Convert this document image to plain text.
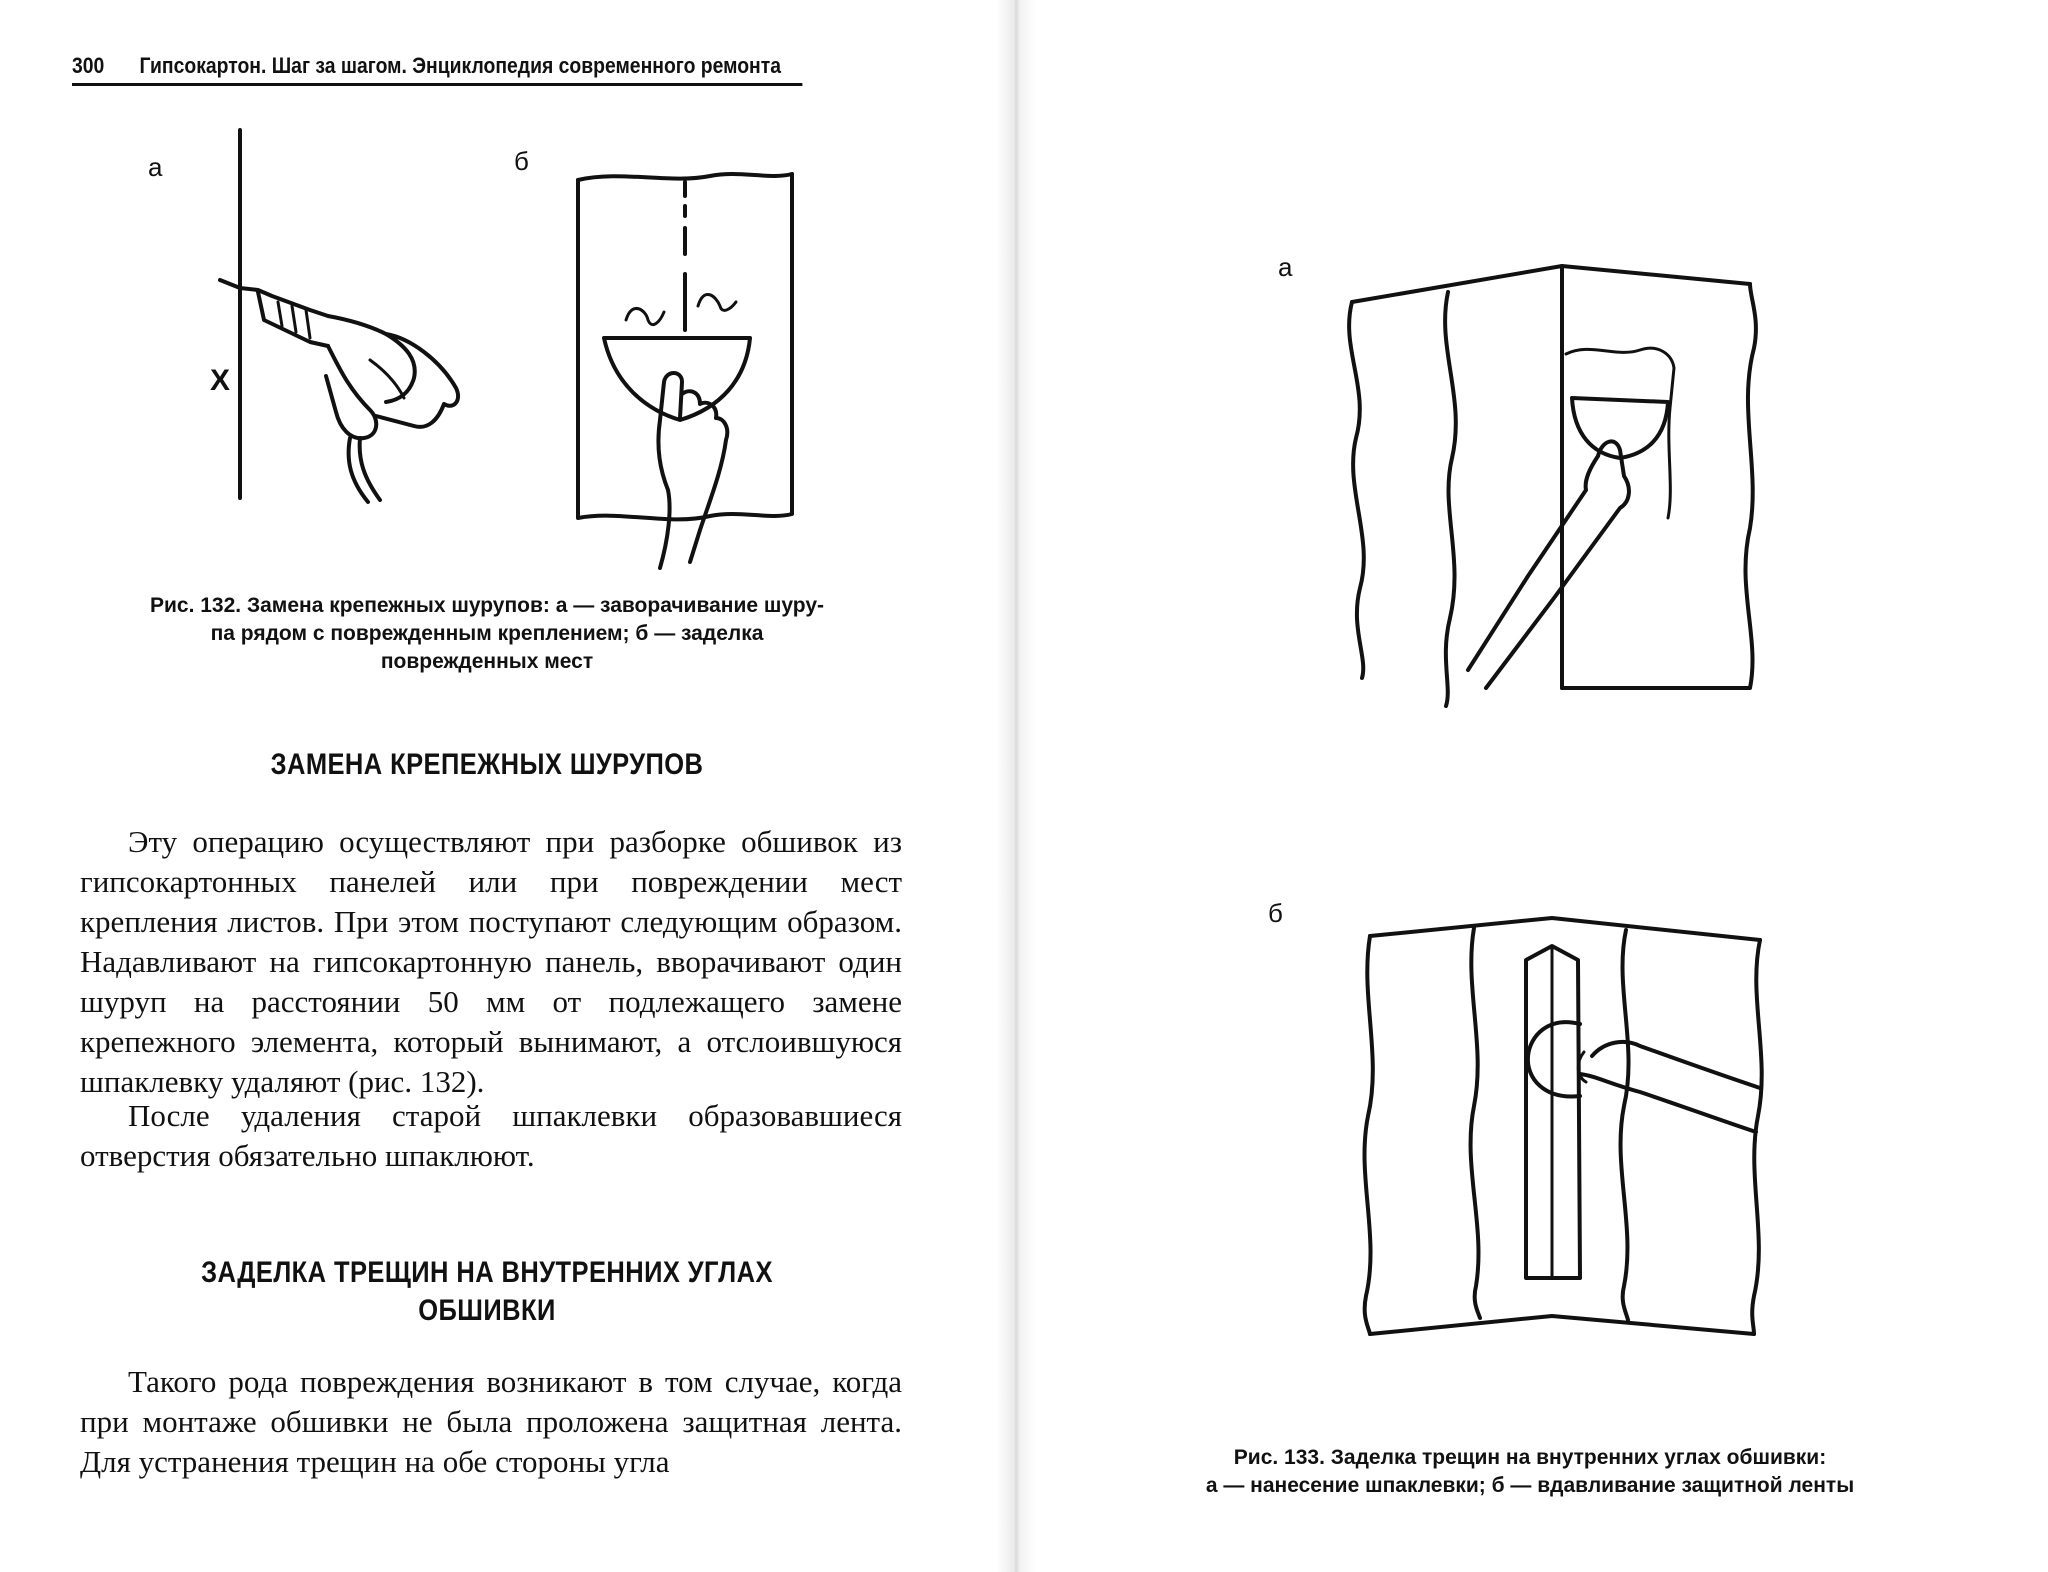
300 Гипсокартон. Шаг за шагом. Энциклопедия современного ремонта
а	б
X
Рис. 132. Замена крепежных шурупов: а — заворачивание шуру-
па рядом с поврежденным креплением; б — заделка
поврежденных мест
ЗАМЕНА КРЕПЕЖНЫХ ШУРУПОВ

Эту операцию осуществляют при разборке обшивок из гипсокартонных панелей или при повреждении мест крепления листов. При этом поступают следующим образом. Надавливают на гипсокартонную панель, вворачивают один шуруп на расстоянии 50 мм от подлежащего замене крепежного элемента, который вынимают, а отслоившуюся шпаклевку удаляют (рис. 132).

После удаления старой шпаклевки образовавшиеся отверстия обязательно шпаклюют.

ЗАДЕЛКА ТРЕЩИН НА ВНУТРЕННИХ УГЛАХ
ОБШИВКИ

Такого рода повреждения возникают в том случае, когда при монтаже обшивки не была проложена защитная лента. Для устранения трещин на обе стороны угла

а
б
Рис. 133. Заделка трещин на внутренних углах обшивки:
а — нанесение шпаклевки; б — вдавливание защитной ленты
